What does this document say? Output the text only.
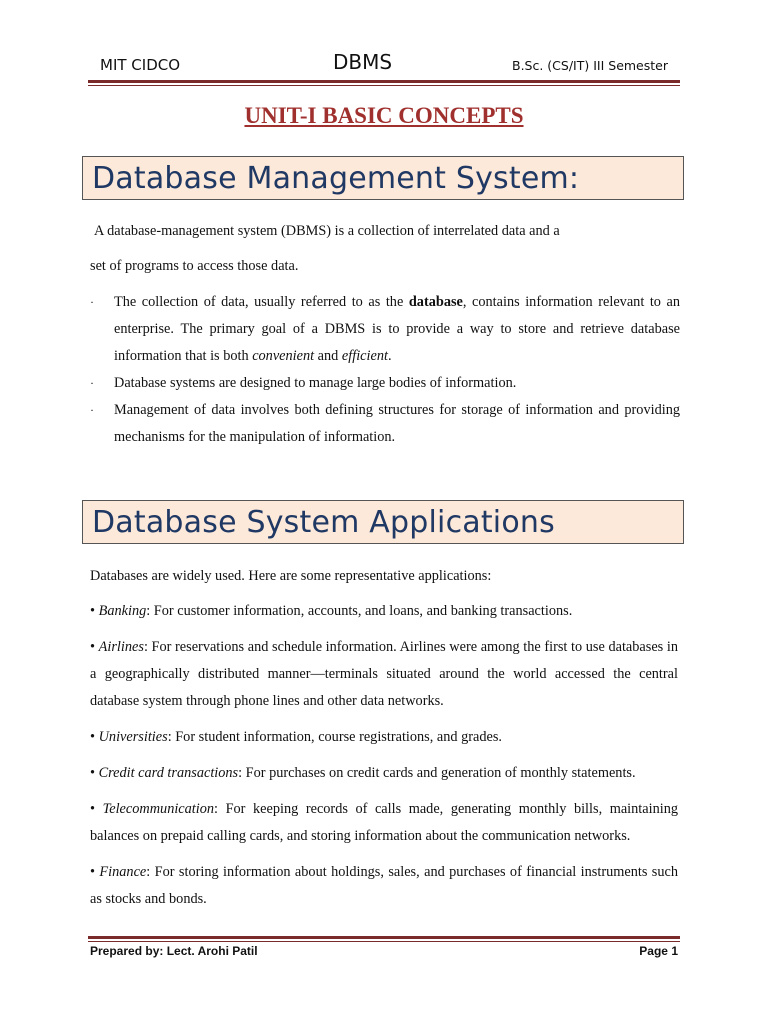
MIT CIDCO	DBMS	B.Sc. (CS/IT) III Semester
UNIT-I BASIC CONCEPTS
Database Management System:
A database-management system (DBMS) is a collection of interrelated data and a
set of programs to access those data.
· The collection of data, usually referred to as the database, contains information relevant to an enterprise. The primary goal of a DBMS is to provide a way to store and retrieve database information that is both convenient and efficient.
· Database systems are designed to manage large bodies of information.
· Management of data involves both defining structures for storage of information and providing mechanisms for the manipulation of information.
Database System Applications
Databases are widely used. Here are some representative applications:
• Banking: For customer information, accounts, and loans, and banking transactions.
• Airlines: For reservations and schedule information. Airlines were among the first to use databases in a geographically distributed manner—terminals situated around the world accessed the central database system through phone lines and other data networks.
• Universities: For student information, course registrations, and grades.
• Credit card transactions: For purchases on credit cards and generation of monthly statements.
• Telecommunication: For keeping records of calls made, generating monthly bills, maintaining balances on prepaid calling cards, and storing information about the communication networks.
• Finance: For storing information about holdings, sales, and purchases of financial instruments such as stocks and bonds.
Prepared by: Lect. Arohi Patil	Page 1
